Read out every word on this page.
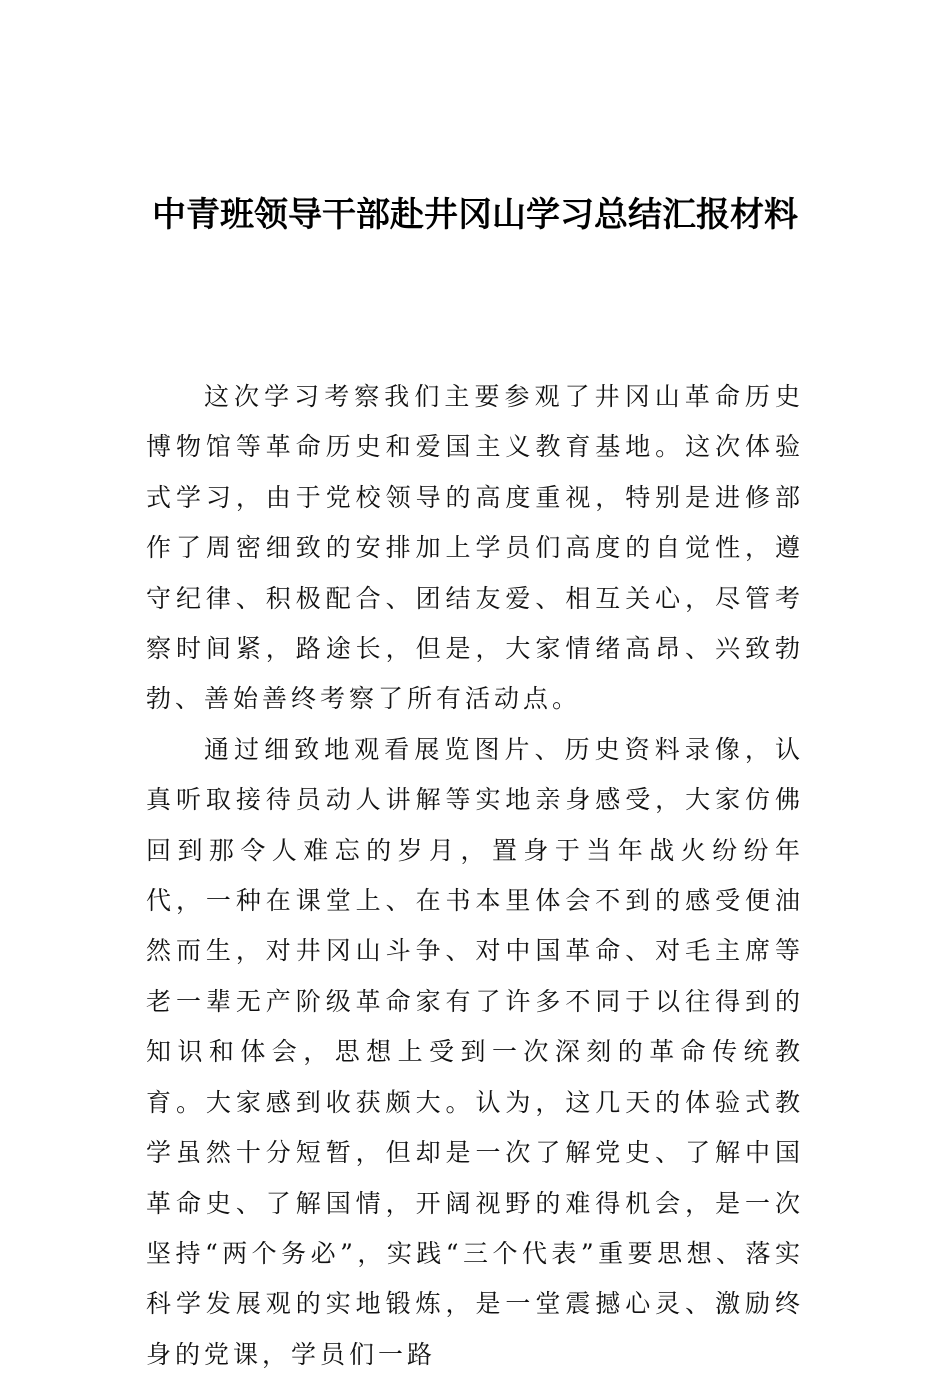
中青班领导干部赴井冈山学习总结汇报材料

这次学习考察我们主要参观了井冈山革命历史博物馆等革命历史和爱国主义教育基地。这次体验式学习，由于党校领导的高度重视，特别是进修部作了周密细致的安排加上学员们高度的自觉性，遵守纪律、积极配合、团结友爱、相互关心，尽管考察时间紧，路途长，但是，大家情绪高昂、兴致勃勃、善始善终考察了所有活动点。

通过细致地观看展览图片、历史资料录像，认真听取接待员动人讲解等实地亲身感受，大家仿佛回到那令人难忘的岁月，置身于当年战火纷纷年代，一种在课堂上、在书本里体会不到的感受便油然而生，对井冈山斗争、对中国革命、对毛主席等老一辈无产阶级革命家有了许多不同于以往得到的知识和体会，思想上受到一次深刻的革命传统教育。大家感到收获颇大。认为，这几天的体验式教学虽然十分短暂，但却是一次了解党史、了解中国革命史、了解国情，开阔视野的难得机会，是一次坚持“两个务必”，实践“三个代表”重要思想、落实科学发展观的实地锻炼，是一堂震撼心灵、激励终身的党课，学员们一路
